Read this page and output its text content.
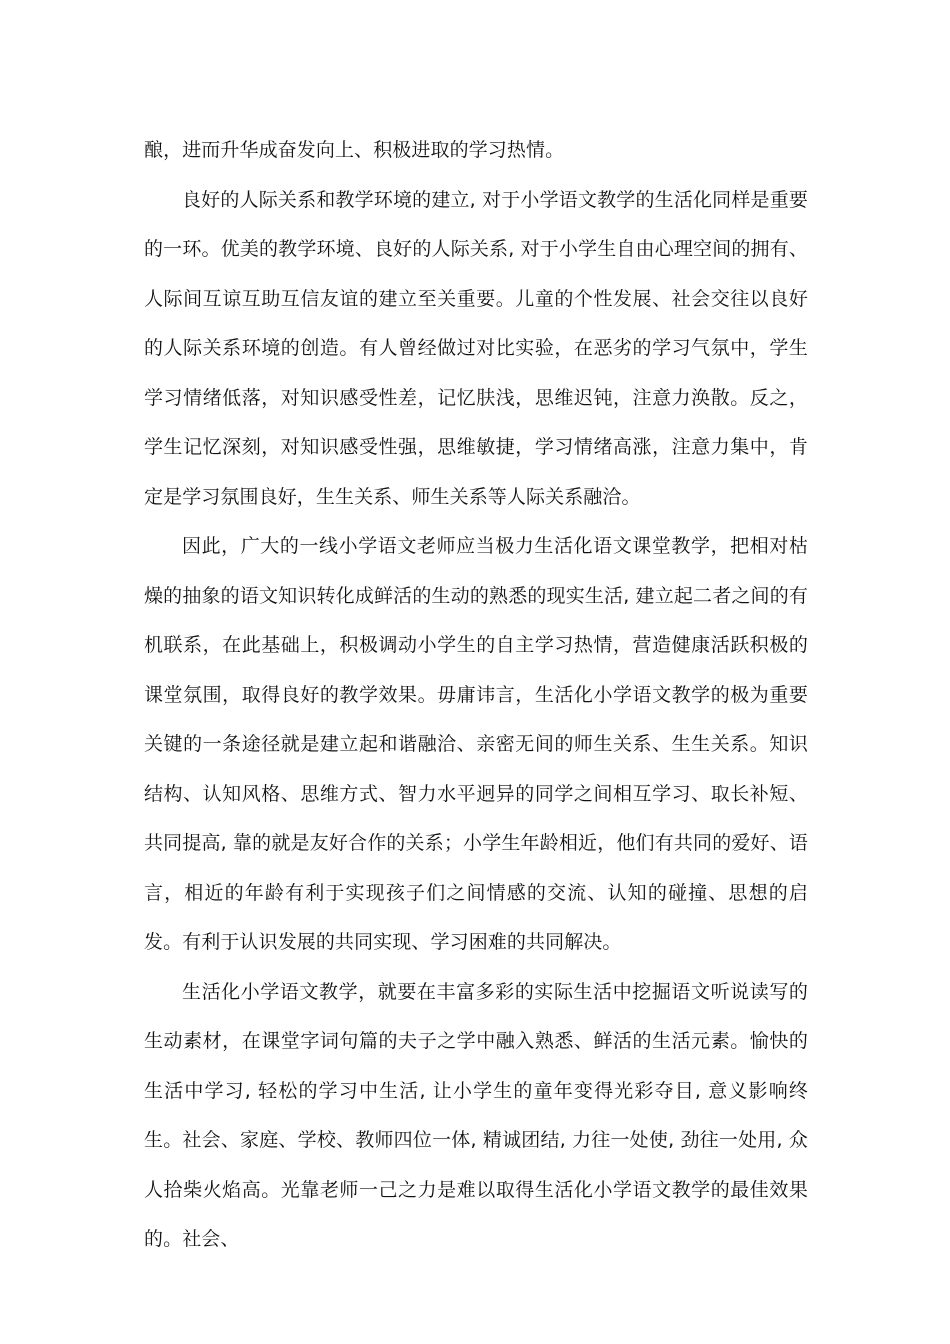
酿，进而升华成奋发向上、积极进取的学习热情。

良好的人际关系和教学环境的建立, 对于小学语文教学的生活化同样是重要的一环。优美的教学环境、良好的人际关系, 对于小学生自由心理空间的拥有、人际间互谅互助互信友谊的建立至关重要。儿童的个性发展、社会交往以良好的人际关系环境的创造。有人曾经做过对比实验，在恶劣的学习气氛中，学生学习情绪低落，对知识感受性差，记忆肤浅，思维迟钝，注意力涣散。反之，学生记忆深刻，对知识感受性强，思维敏捷，学习情绪高涨，注意力集中，肯定是学习氛围良好，生生关系、师生关系等人际关系融洽。

因此，广大的一线小学语文老师应当极力生活化语文课堂教学，把相对枯燥的抽象的语文知识转化成鲜活的生动的熟悉的现实生活, 建立起二者之间的有机联系，在此基础上，积极调动小学生的自主学习热情，营造健康活跃积极的课堂氛围，取得良好的教学效果。毋庸讳言，生活化小学语文教学的极为重要关键的一条途径就是建立起和谐融洽、亲密无间的师生关系、生生关系。知识结构、认知风格、思维方式、智力水平迥异的同学之间相互学习、取长补短、共同提高, 靠的就是友好合作的关系；小学生年龄相近，他们有共同的爱好、语言，相近的年龄有利于实现孩子们之间情感的交流、认知的碰撞、思想的启发。有利于认识发展的共同实现、学习困难的共同解决。

生活化小学语文教学，就要在丰富多彩的实际生活中挖掘语文听说读写的生动素材，在课堂字词句篇的夫子之学中融入熟悉、鲜活的生活元素。愉快的生活中学习, 轻松的学习中生活, 让小学生的童年变得光彩夺目, 意义影响终生。社会、家庭、学校、教师四位一体, 精诚团结, 力往一处使, 劲往一处用, 众人拾柴火焰高。光靠老师一己之力是难以取得生活化小学语文教学的最佳效果的。社会、
